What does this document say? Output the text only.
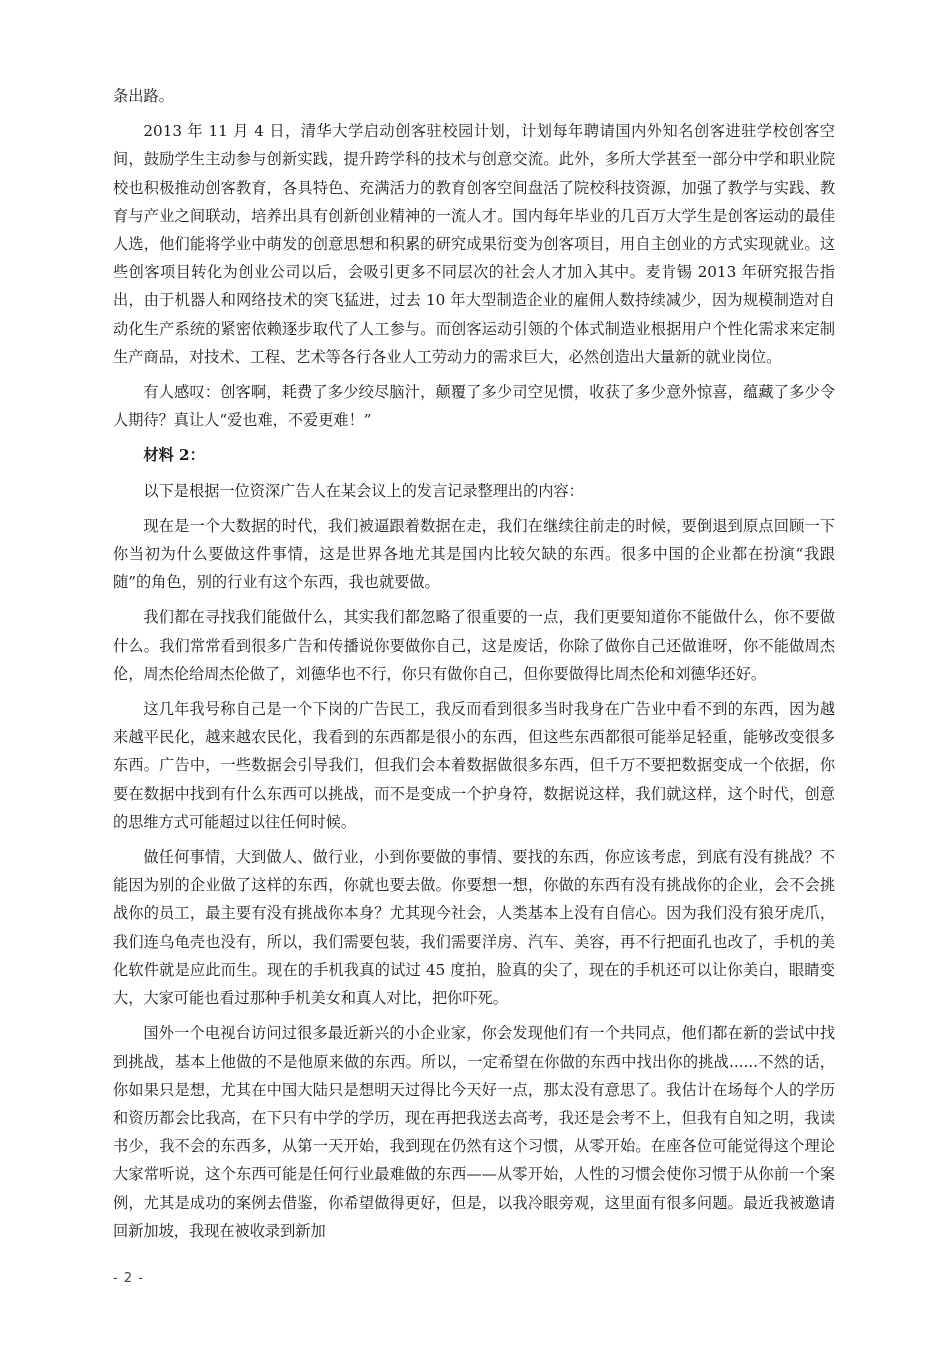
条出路。

2013 年 11 月 4 日，清华大学启动创客驻校园计划，计划每年聘请国内外知名创客进驻学校创客空间，鼓励学生主动参与创新实践，提升跨学科的技术与创意交流。此外，多所大学甚至一部分中学和职业院校也积极推动创客教育，各具特色、充满活力的教育创客空间盘活了院校科技资源，加强了教学与实践、教育与产业之间联动，培养出具有创新创业精神的一流人才。国内每年毕业的几百万大学生是创客运动的最佳人选，他们能将学业中萌发的创意思想和积累的研究成果衍变为创客项目，用自主创业的方式实现就业。这些创客项目转化为创业公司以后，会吸引更多不同层次的社会人才加入其中。麦肯锡 2013 年研究报告指出，由于机器人和网络技术的突飞猛进，过去 10 年大型制造企业的雇佣人数持续减少，因为规模制造对自动化生产系统的紧密依赖逐步取代了人工参与。而创客运动引领的个体式制造业根据用户个性化需求来定制生产商品，对技术、工程、艺术等各行各业人工劳动力的需求巨大，必然创造出大量新的就业岗位。

有人感叹：创客啊，耗费了多少绞尽脑汁，颠覆了多少司空见惯，收获了多少意外惊喜，蕴藏了多少令人期待？真让人“爱也难，不爱更难！”

材料 2：

以下是根据一位资深广告人在某会议上的发言记录整理出的内容：

现在是一个大数据的时代，我们被逼跟着数据在走，我们在继续往前走的时候，要倒退到原点回顾一下你当初为什么要做这件事情，这是世界各地尤其是国内比较欠缺的东西。很多中国的企业都在扮演“我跟随”的角色，别的行业有这个东西，我也就要做。

我们都在寻找我们能做什么，其实我们都忽略了很重要的一点，我们更要知道你不能做什么，你不要做什么。我们常常看到很多广告和传播说你要做你自己，这是废话，你除了做你自己还做谁呀，你不能做周杰伦，周杰伦给周杰伦做了，刘德华也不行，你只有做你自己，但你要做得比周杰伦和刘德华还好。

这几年我号称自己是一个下岗的广告民工，我反而看到很多当时我身在广告业中看不到的东西，因为越来越平民化，越来越农民化，我看到的东西都是很小的东西，但这些东西都很可能举足轻重，能够改变很多东西。广告中，一些数据会引导我们，但我们会本着数据做很多东西，但千万不要把数据变成一个依据，你要在数据中找到有什么东西可以挑战，而不是变成一个护身符，数据说这样，我们就这样，这个时代，创意的思维方式可能超过以往任何时候。

做任何事情，大到做人、做行业，小到你要做的事情、要找的东西，你应该考虑，到底有没有挑战？不能因为别的企业做了这样的东西，你就也要去做。你要想一想，你做的东西有没有挑战你的企业，会不会挑战你的员工，最主要有没有挑战你本身？尤其现今社会，人类基本上没有自信心。因为我们没有狼牙虎爪，我们连乌龟壳也没有，所以，我们需要包装，我们需要洋房、汽车、美容，再不行把面孔也改了，手机的美化软件就是应此而生。现在的手机我真的试过 45 度拍，脸真的尖了，现在的手机还可以让你美白，眼睛变大，大家可能也看过那种手机美女和真人对比，把你吓死。

国外一个电视台访问过很多最近新兴的小企业家，你会发现他们有一个共同点，他们都在新的尝试中找到挑战，基本上他做的不是他原来做的东西。所以，一定希望在你做的东西中找出你的挑战......不然的话，你如果只是想，尤其在中国大陆只是想明天过得比今天好一点，那太没有意思了。我估计在场每个人的学历和资历都会比我高，在下只有中学的学历，现在再把我送去高考，我还是会考不上，但我有自知之明，我读书少，我不会的东西多，从第一天开始，我到现在仍然有这个习惯，从零开始。在座各位可能觉得这个理论大家常听说，这个东西可能是任何行业最难做的东西——从零开始，人性的习惯会使你习惯于从你前一个案例，尤其是成功的案例去借鉴，你希望做得更好，但是，以我冷眼旁观，这里面有很多问题。最近我被邀请回新加坡，我现在被收录到新加

- 2 -
